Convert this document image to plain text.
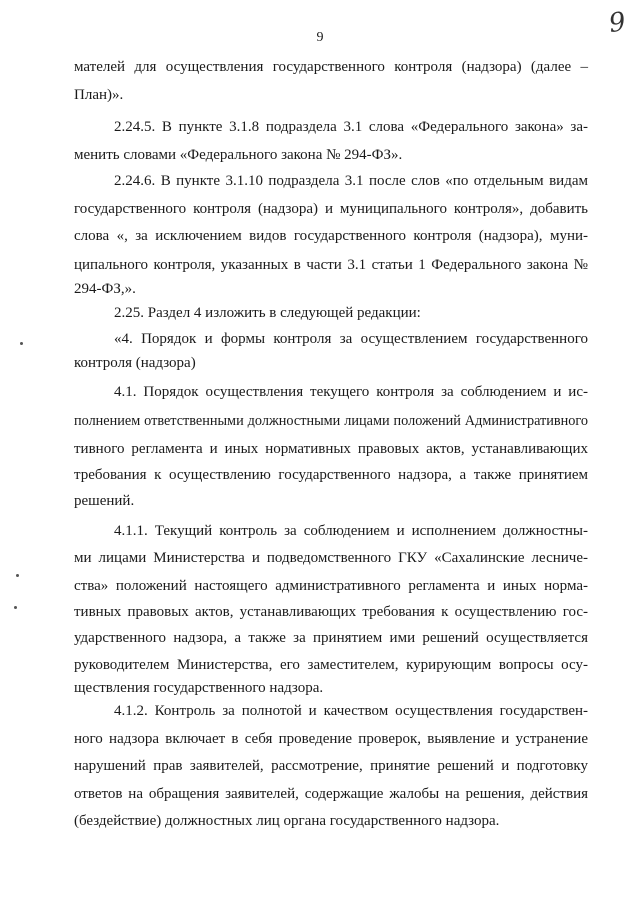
9	9
мателей для осуществления государственного контроля (надзора) (далее –
План)».
2.24.5. В пункте 3.1.8 подраздела 3.1 слова «Федерального закона» за-
менить словами «Федерального закона № 294-ФЗ».
2.24.6. В пункте 3.1.10 подраздела 3.1 после слов «по отдельным видам
государственного контроля (надзора) и муниципального контроля», добавить
слова «, за исключением видов государственного контроля (надзора), муни-
ципального контроля, указанных в части 3.1 статьи 1 Федерального закона №
294-ФЗ,».
2.25. Раздел 4 изложить в следующей редакции:
«4. Порядок и формы контроля за осуществлением государственного
контроля (надзора)
4.1. Порядок осуществления текущего контроля за соблюдением и ис-
полнением ответственными должностными лицами положений Административного
тивного регламента и иных нормативных правовых актов, устанавливающих
требования к осуществлению государственного надзора, а также принятием
решений.
4.1.1. Текущий контроль за соблюдением и исполнением должностны-
ми лицами Министерства и подведомственного ГКУ «Сахалинские лесниче-
ства» положений настоящего административного регламента и иных норма-
тивных правовых актов, устанавливающих требования к осуществлению гос-
ударственного надзора, а также за принятием ими решений осуществляется
руководителем Министерства, его заместителем, курирующим вопросы осу-
ществления государственного надзора.
4.1.2. Контроль за полнотой и качеством осуществления государствен-
ного надзора включает в себя проведение проверок, выявление и устранение
нарушений прав заявителей, рассмотрение, принятие решений и подготовку
ответов на обращения заявителей, содержащие жалобы на решения, действия
(бездействие) должностных лиц органа государственного надзора.
